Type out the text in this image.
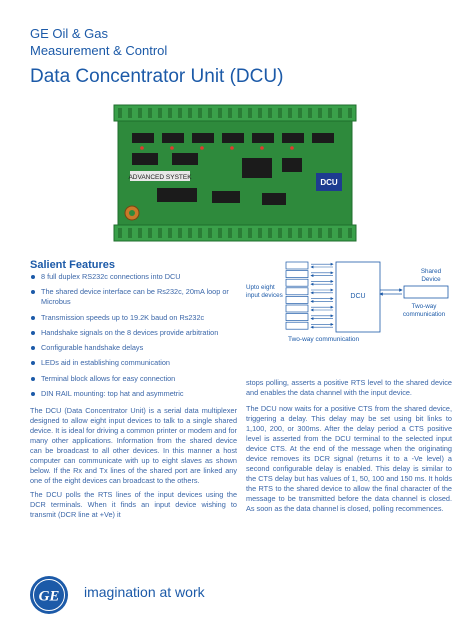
GE Oil & Gas
Measurement & Control
Data Concentrator Unit (DCU)
ADVANCED SYSTEK
DCU
Salient Features
8 full duplex RS232c connections into DCU
The shared device interface can be Rs232c, 20mA loop or Microbus
Transmission speeds up to 19.2K baud on Rs232c
Handshake signals on the 8 devices provide arbitration
Configurable handshake delays
LEDs aid in establishing communication
Terminal block allows for easy connection
DIN RAIL mounting: top hat and asymmetric
Upto eight
input devices	DCU
Shared
Device
Two-way
communication
Two-way communication

The DCU (Data Concentrator Unit) is a serial data multiplexer designed to allow eight input devices to talk to a single shared device. It is ideal for driving a common printer or modem and for many other applications. Information from the shared device can be broadcast to all other devices. In this manner a host computer can communicate with up to eight slaves as shown below. If the Rx and Tx lines of the shared port are linked any one of the eight devices can broadcast to the others.

The DCU polls the RTS lines of the input devices using the DCR terminals. When it finds an input device wishing to transmit (DCR line at +Ve) it

stops polling, asserts a positive RTS level to the shared device and enables the data channel with the input device.

The DCU now waits for a positive CTS from the shared device, triggering a delay. This delay may be set using bit links to 1,100, 200, or 300ms. After the delay period a CTS positive level is asserted from the DCU terminal to the selected input device CTS. At the end of the message when the originating device removes its DCR signal (returns it to a -Ve level) a second configurable delay is enabled. This delay is similar to the CTS delay but has values of 1, 50, 100 and 150 ms. It holds the RTS to the shared device to allow the final character of the message to be transmitted before the data channel is closed. As soon as the data channel is closed, polling recommences.

GE imagination at work
